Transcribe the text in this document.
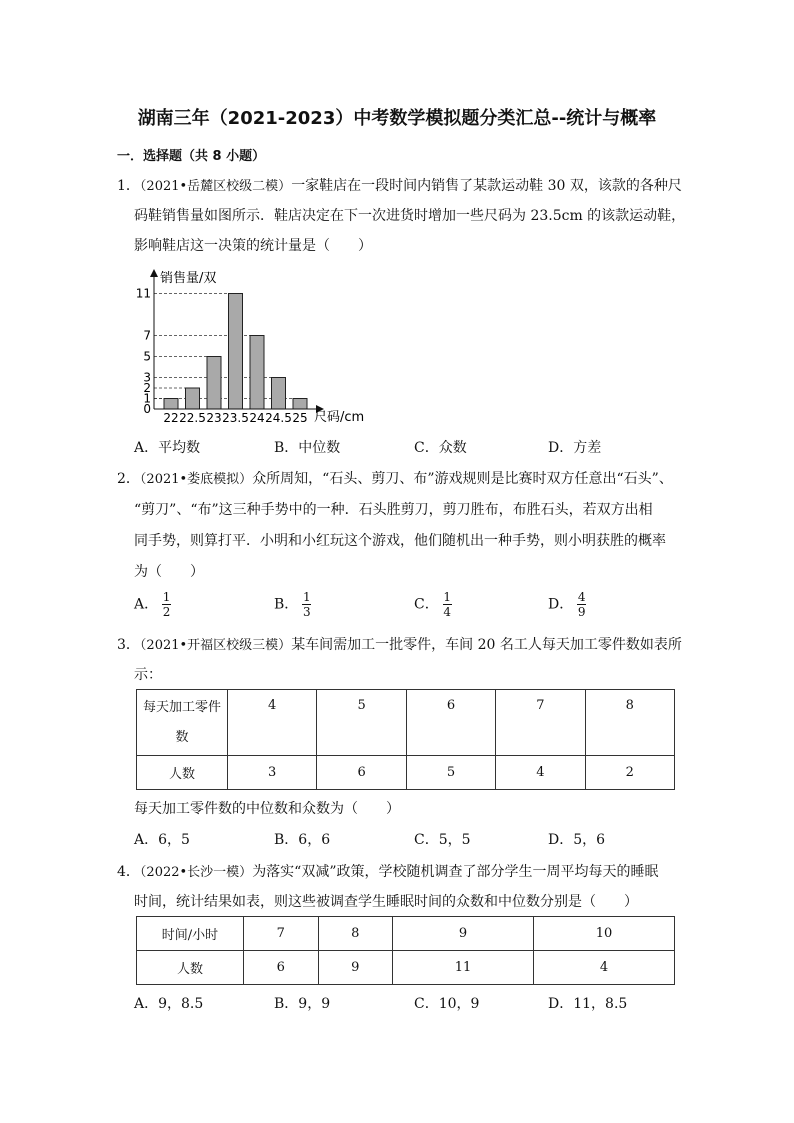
湖南三年（2021-2023）中考数学模拟题分类汇总--统计与概率
一．选择题（共 8 小题）
1．（2021•岳麓区校级二模）一家鞋店在一段时间内销售了某款运动鞋 30 双，该款的各种尺
码鞋销售量如图所示．鞋店决定在下一次进货时增加一些尺码为 23.5cm 的该款运动鞋，
影响鞋店这一决策的统计量是（　　）
0
1
2
3
5
7
11
22 22.5 23 23.5 24 24.5 25
销售量/双
尺码/cm
A．平均数	B．中位数	C．众数	D．方差
2．（2021•娄底模拟）众所周知，“石头、剪刀、布”游戏规则是比赛时双方任意出“石头”、
“剪刀”、“布”这三种手势中的一种．石头胜剪刀，剪刀胜布，布胜石头，若双方出相
同手势，则算打平．小明和小红玩这个游戏，他们随机出一种手势，则小明获胜的概率
为（　　）
A． $\frac{1}{2}$	B． $\frac{1}{3}$	C． $\frac{1}{4}$	D． $\frac{4}{9}$
3．（2021•开福区校级三模）某车间需加工一批零件，车间 20 名工人每天加工零件数如表所
示：
每天加工零件
数	4	5	6	7	8
人数	3	6	5	4	2
每天加工零件数的中位数和众数为（　　）
A．6，5	B．6，6	C．5，5	D．5，6
4．（2022•长沙一模）为落实“双减”政策，学校随机调查了部分学生一周平均每天的睡眠
时间，统计结果如表，则这些被调查学生睡眠时间的众数和中位数分别是（　　）
时间/小时	7	8	9	10
人数	6	9	11	4
A．9，8.5	B．9，9	C．10，9	D．11，8.5
